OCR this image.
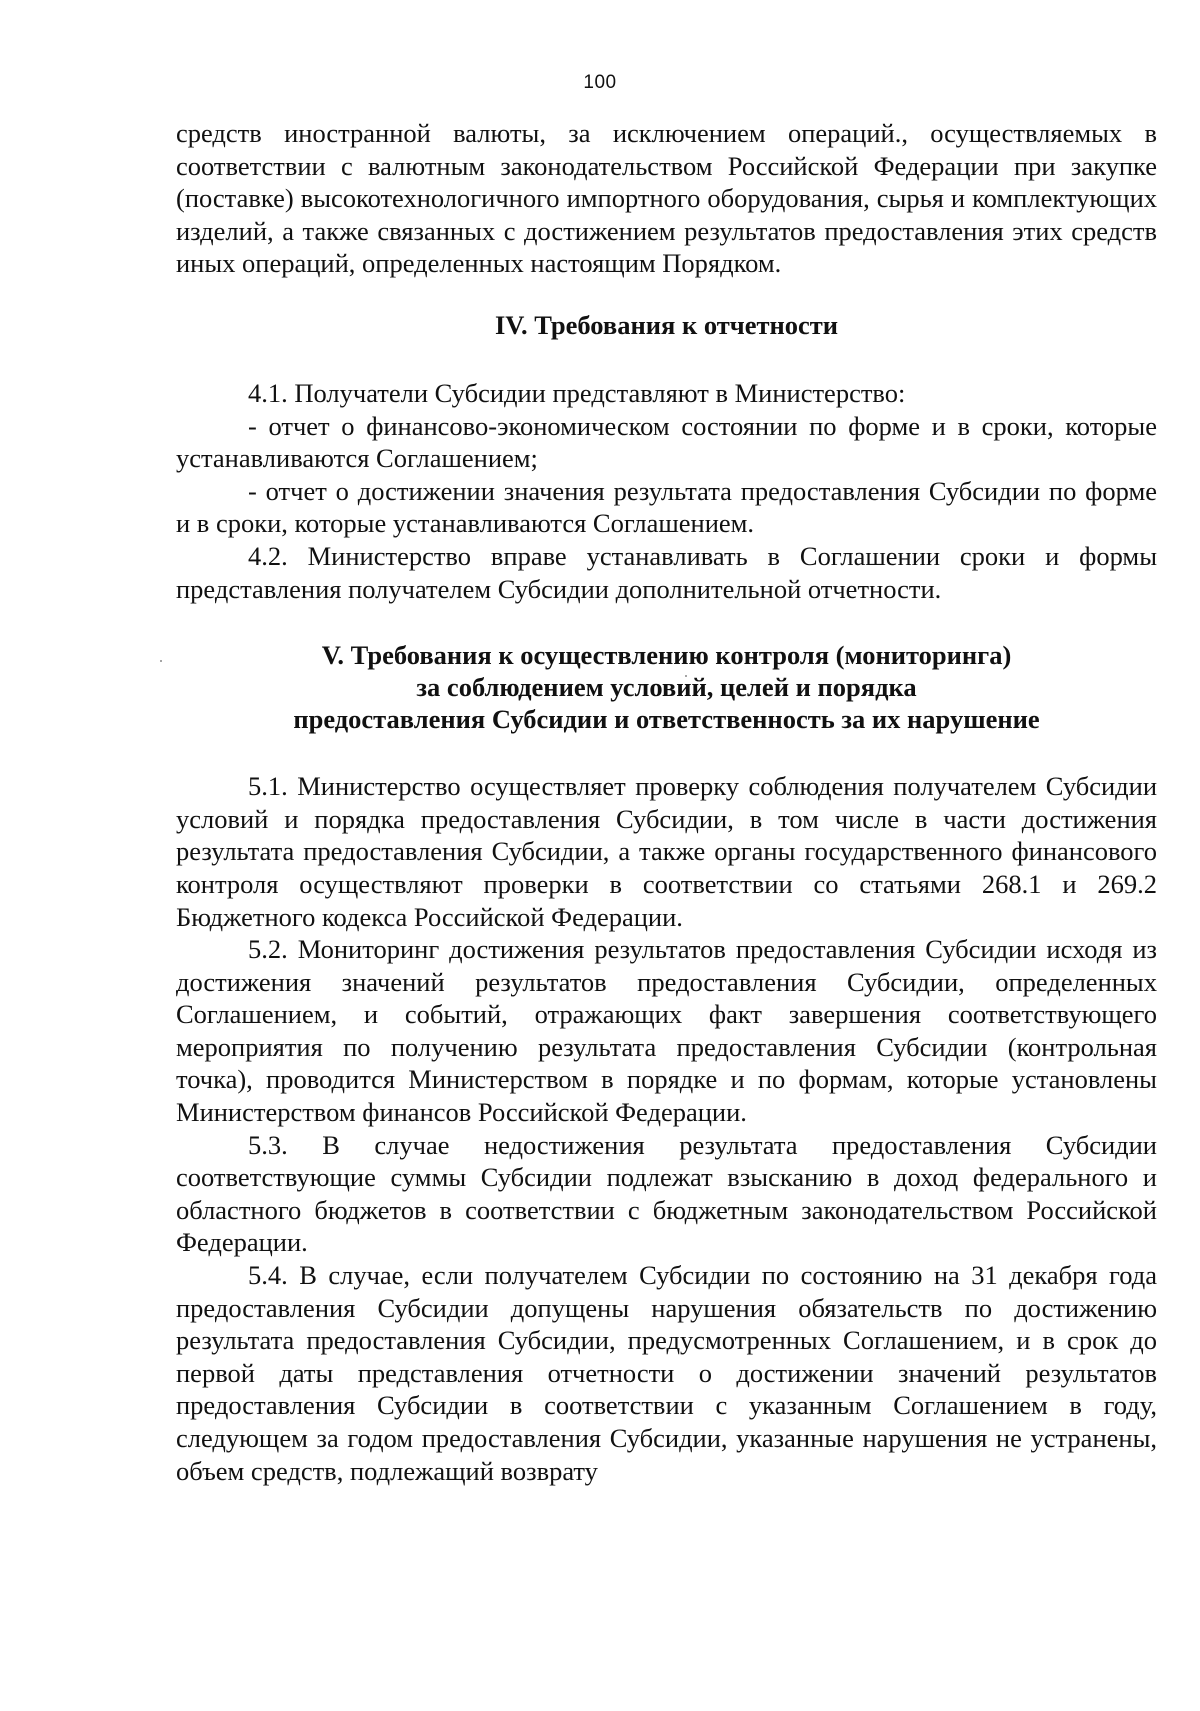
100

средств иностранной валюты, за исключением операций., осуществляемых в соответствии с валютным законодательством Российской Федерации при закупке (поставке) высокотехнологичного импортного оборудования, сырья и комплектующих изделий, а также связанных с достижением результатов предоставления этих средств иных операций, определенных настоящим Порядком.

IV. Требования к отчетности

4.1. Получатели Субсидии представляют в Министерство:

- отчет о финансово-экономическом состоянии по форме и в сроки, которые устанавливаются Соглашением;

- отчет о достижении значения результата предоставления Субсидии по форме и в сроки, которые устанавливаются Соглашением.

4.2. Министерство вправе устанавливать в Соглашении сроки и формы представления получателем Субсидии дополнительной отчетности.

V. Требования к осуществлению контроля (мониторинга)
за соблюдением условий, целей и порядка
предоставления Субсидии и ответственность за их нарушение

5.1. Министерство осуществляет проверку соблюдения получателем Субсидии условий и порядка предоставления Субсидии, в том числе в части достижения результата предоставления Субсидии, а также органы государственного финансового контроля осуществляют проверки в соответствии со статьями 268.1 и 269.2 Бюджетного кодекса Российской Федерации.

5.2. Мониторинг достижения результатов предоставления Субсидии исходя из достижения значений результатов предоставления Субсидии, определенных Соглашением, и событий, отражающих факт завершения соответствующего мероприятия по получению результата предоставления Субсидии (контрольная точка), проводится Министерством в порядке и по формам, которые установлены Министерством финансов Российской Федерации.

5.3. В случае недостижения результата предоставления Субсидии соответствующие суммы Субсидии подлежат взысканию в доход федерального и областного бюджетов в соответствии с бюджетным законодательством Российской Федерации.

5.4. В случае, если получателем Субсидии по состоянию на 31 декабря года предоставления Субсидии допущены нарушения обязательств по достижению результата предоставления Субсидии, предусмотренных Соглашением, и в срок до первой даты представления отчетности о достижении значений результатов предоставления Субсидии в соответствии с указанным Соглашением в году, следующем за годом предоставления Субсидии, указанные нарушения не устранены, объем средств, подлежащий возврату
